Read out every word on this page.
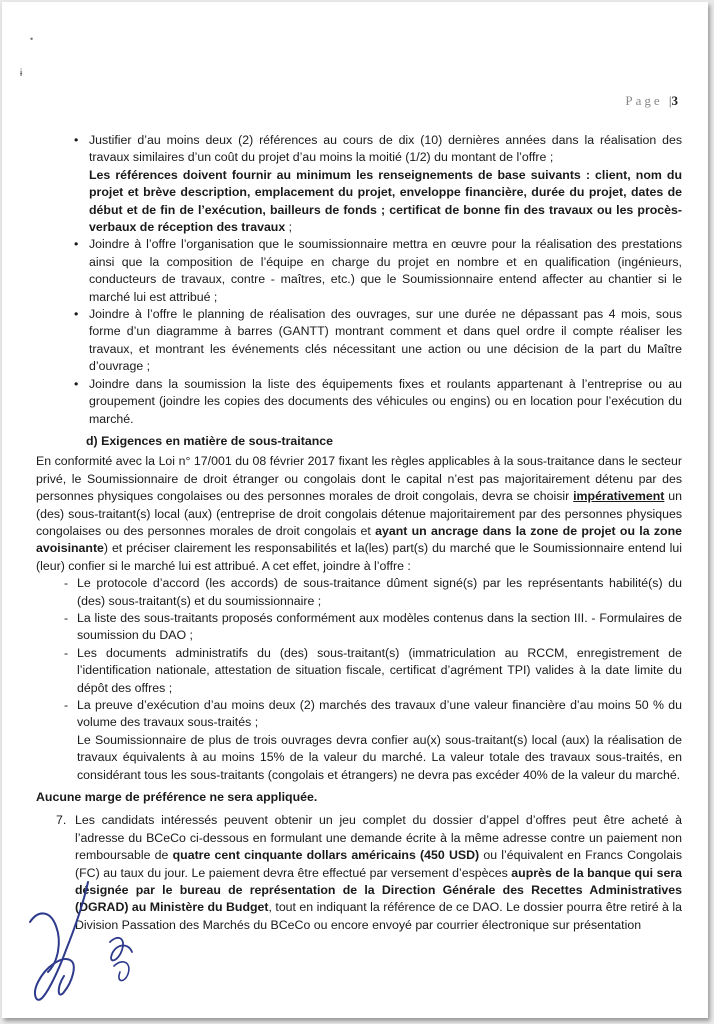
•
ɨ
Page |3
• Justifier d’au moins deux (2) références au cours de dix (10) dernières années dans la réalisation des travaux similaires d’un coût du projet d’au moins la moitié (1/2) du montant de l’offre ;
Les références doivent fournir au minimum les renseignements de base suivants : client, nom du projet et brève description, emplacement du projet, enveloppe financière, durée du projet, dates de début et de fin de l’exécution, bailleurs de fonds ; certificat de bonne fin des travaux ou les procès-verbaux de réception des travaux ;
• Joindre à l’offre l’organisation que le soumissionnaire mettra en œuvre pour la réalisation des prestations ainsi que la composition de l’équipe en charge du projet en nombre et en qualification (ingénieurs, conducteurs de travaux, contre - maîtres, etc.) que le Soumissionnaire entend affecter au chantier si le marché lui est attribué ;
• Joindre à l’offre le planning de réalisation des ouvrages, sur une durée ne dépassant pas 4 mois, sous forme d’un diagramme à barres (GANTT) montrant comment et dans quel ordre il compte réaliser les travaux, et montrant les événements clés nécessitant une action ou une décision de la part du Maître d’ouvrage ;
• Joindre dans la soumission la liste des équipements fixes et roulants appartenant à l’entreprise ou au groupement (joindre les copies des documents des véhicules ou engins) ou en location pour l’exécution du marché.
d) Exigences en matière de sous-traitance

En conformité avec la Loi n° 17/001 du 08 février 2017 fixant les règles applicables à la sous-traitance dans le secteur privé, le Soumissionnaire de droit étranger ou congolais dont le capital n’est pas majoritairement détenu par des personnes physiques congolaises ou des personnes morales de droit congolais, devra se choisir impérativement un (des) sous-traitant(s) local (aux) (entreprise de droit congolais détenue majoritairement par des personnes physiques congolaises ou des personnes morales de droit congolais et ayant un ancrage dans la zone de projet ou la zone avoisinante) et préciser clairement les responsabilités et la(les) part(s) du marché que le Soumissionnaire entend lui (leur) confier si le marché lui est attribué. A cet effet, joindre à l’offre :

- Le protocole d’accord (les accords) de sous-traitance dûment signé(s) par les représentants habilité(s) du (des) sous-traitant(s) et du soumissionnaire ;
- La liste des sous-traitants proposés conformément aux modèles contenus dans la section III. - Formulaires de soumission du DAO ;
- Les documents administratifs du (des) sous-traitant(s) (immatriculation au RCCM, enregistrement de l’identification nationale, attestation de situation fiscale, certificat d’agrément TPI) valides à la date limite du dépôt des offres ;
- La preuve d’exécution d’au moins deux (2) marchés des travaux d’une valeur financière d’au moins 50 % du volume des travaux sous-traités ;

Le Soumissionnaire de plus de trois ouvrages devra confier au(x) sous-traitant(s) local (aux) la réalisation de travaux équivalents à au moins 15% de la valeur du marché. La valeur totale des travaux sous-traités, en considérant tous les sous-traitants (congolais et étrangers) ne devra pas excéder 40% de la valeur du marché.

Aucune marge de préférence ne sera appliquée.

7. Les candidats intéressés peuvent obtenir un jeu complet du dossier d’appel d’offres peut être acheté à l’adresse du BCeCo ci-dessous en formulant une demande écrite à la même adresse contre un paiement non remboursable de quatre cent cinquante dollars américains (450 USD) ou l’équivalent en Francs Congolais (FC) au taux du jour. Le paiement devra être effectué par versement d’espèces auprès de la banque qui sera désignée par le bureau de représentation de la Direction Générale des Recettes Administratives (DGRAD) au Ministère du Budget, tout en indiquant la référence de ce DAO. Le dossier pourra être retiré à la Division Passation des Marchés du BCeCo ou encore envoyé par courrier électronique sur présentation
